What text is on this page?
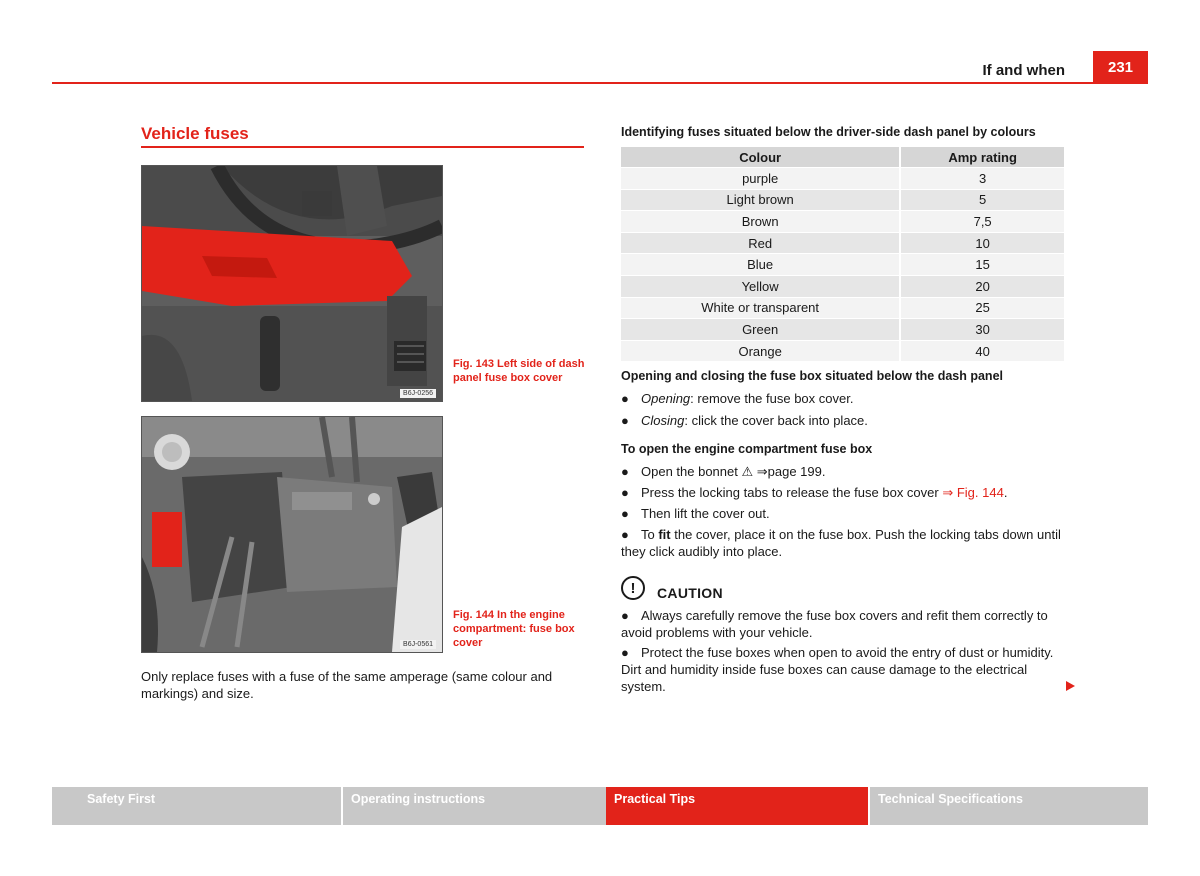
If and when	231
Vehicle fuses
B6J-0256
Fig. 143 Left side of dash panel fuse box cover
B6J-0561
Fig. 144 In the engine compartment: fuse box cover
Only replace fuses with a fuse of the same amperage (same colour and markings) and size.
Identifying fuses situated below the driver-side dash panel by colours
Colour	Amp rating
purple	3
Light brown	5
Brown	7,5
Red	10
Blue	15
Yellow	20
White or transparent	25
Green	30
Orange	40
Opening and closing the fuse box situated below the dash panel
● Opening: remove the fuse box cover.
● Closing: click the cover back into place.
To open the engine compartment fuse box
● Open the bonnet ⚠ ⇒page 199.
● Press the locking tabs to release the fuse box cover ⇒ Fig. 144.
● Then lift the cover out.
● To fit the cover, place it on the fuse box. Push the locking tabs down until they click audibly into place.
!	CAUTION
● Always carefully remove the fuse box covers and refit them correctly to avoid problems with your vehicle.
● Protect the fuse boxes when open to avoid the entry of dust or humidity. Dirt and humidity inside fuse boxes can cause damage to the electrical system.
Safety First	Operating instructions	Practical Tips	Technical Specifications
